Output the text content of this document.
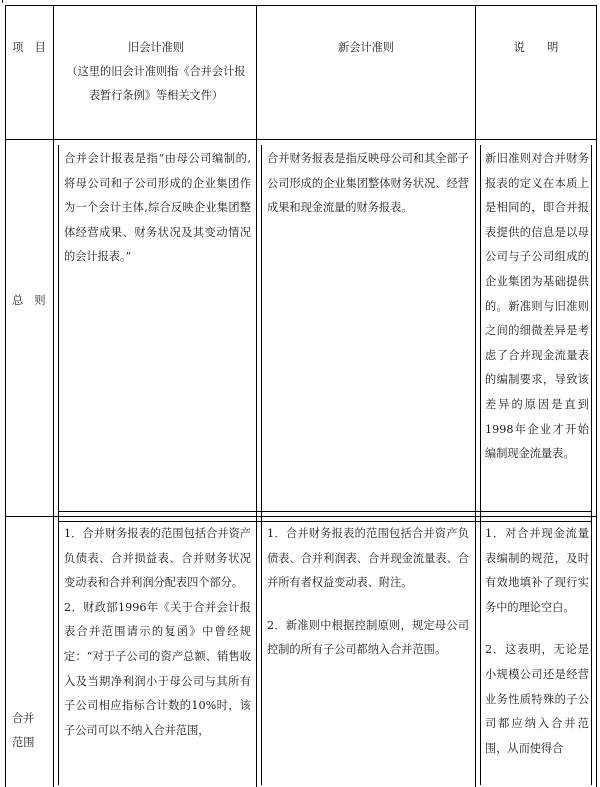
项　目	旧会计准则
（这里的旧会计准则指《合并会计报表暂行条例》等相关文件）
新会计准则	说　　明
总　则

合并会计报表是指“由母公司编制的,将母公司和子公司形成的企业集团作为一个会计主体,综合反映企业集团整体经营成果、财务状况及其变动情况的会计报表。”

合并财务报表是指反映母公司和其全部子公司形成的企业集团整体财务状况、经营成果和现金流量的财务报表。

新旧准则对合并财务报表的定义在本质上是相同的，即合并报表提供的信息是以母公司与子公司组成的企业集团为基础提供的。新准则与旧准则之间的细微差异是考虑了合并现金流量表的编制要求，导致该差异的原因是直到1998年企业才开始编制现金流量表。

合并
范围

1．合并财务报表的范围包括合并资产负债表、合并损益表、合并财务状况变动表和合并利润分配表四个部分。

2．财政部1996年《关于合并会计报表合并范围请示的复函》中曾经规定：“对于子公司的资产总额、销售收入及当期净利润小于母公司与其所有子公司相应指标合计数的10%时，该子公司可以不纳入合并范围，

1．合并财务报表的范围包括合并资产负债表、合并利润表、合并现金流量表、合并所有者权益变动表、附注。

2．新准则中根据控制原则，规定母公司控制的所有子公司都纳入合并范围。

1．对合并现金流量表编制的规范，及时有效地填补了现行实务中的理论空白。

2．这表明，无论是小规模公司还是经营业务性质特殊的子公司都应纳入合并范围，从而使得合
